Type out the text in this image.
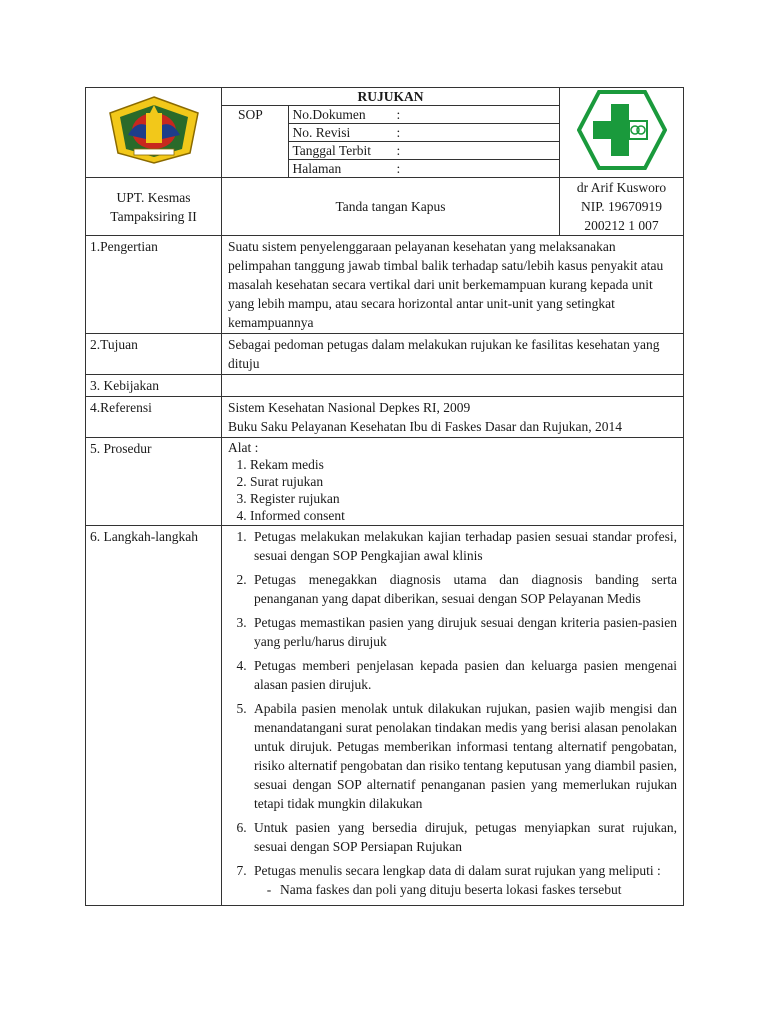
RUJUKAN
SOP	No.Dokumen :
No. Revisi	:
Tanggal Terbit :
Halaman	:

UPT. Kesmas Tampaksiring II	Tanda tangan Kapus	
dr Arif Kusworo
NIP. 19670919 200212 1 007

1.Pengertian	Suatu sistem penyelenggaraan pelayanan kesehatan yang melaksanakan pelimpahan tanggung jawab timbal balik terhadap satu/lebih kasus penyakit atau masalah kesehatan secara vertikal dari unit berkemampuan kurang kepada unit yang lebih mampu, atau secara horizontal antar unit-unit yang setingkat kemampuannya
2.Tujuan	Sebagai pedoman petugas dalam melakukan rujukan ke fasilitas kesehatan yang dituju
3. Kebijakan	
4.Referensi	Sistem Kesehatan Nasional Depkes RI, 2009

Buku Saku Pelayanan Kesehatan Ibu di Faskes Dasar dan Rujukan, 2014

5. Prosedur	Alat :
1. Rekam medis
2. Surat rujukan
3. Register rujukan
4. Informed consent

6. Langkah-langkah	
1.Petugas melakukan melakukan kajian terhadap pasien sesuai standar profesi, sesuai dengan SOP Pengkajian awal klinis
2. Petugas menegakkan diagnosis utama dan diagnosis banding serta penanganan yang dapat diberikan, sesuai dengan SOP Pelayanan Medis
3. Petugas memastikan pasien yang dirujuk sesuai dengan kriteria pasien-pasien yang perlu/harus dirujuk
4. Petugas memberi penjelasan kepada pasien dan keluarga pasien mengenai alasan pasien dirujuk.
5. Apabila pasien menolak untuk dilakukan rujukan, pasien wajib mengisi dan menandatangani surat penolakan tindakan medis yang berisi alasan penolakan untuk dirujuk. Petugas memberikan informasi tentang alternatif pengobatan, risiko alternatif pengobatan dan risiko tentang keputusan yang diambil pasien, sesuai dengan SOP alternatif penanganan pasien yang memerlukan rujukan tetapi tidak mungkin dilakukan
6. Untuk pasien yang bersedia dirujuk, petugas menyiapkan surat rujukan, sesuai dengan SOP Persiapan Rujukan
7. Petugas menulis secara lengkap data di dalam surat rujukan yang meliputi :
- Nama faskes dan poli yang dituju beserta lokasi faskes tersebut
